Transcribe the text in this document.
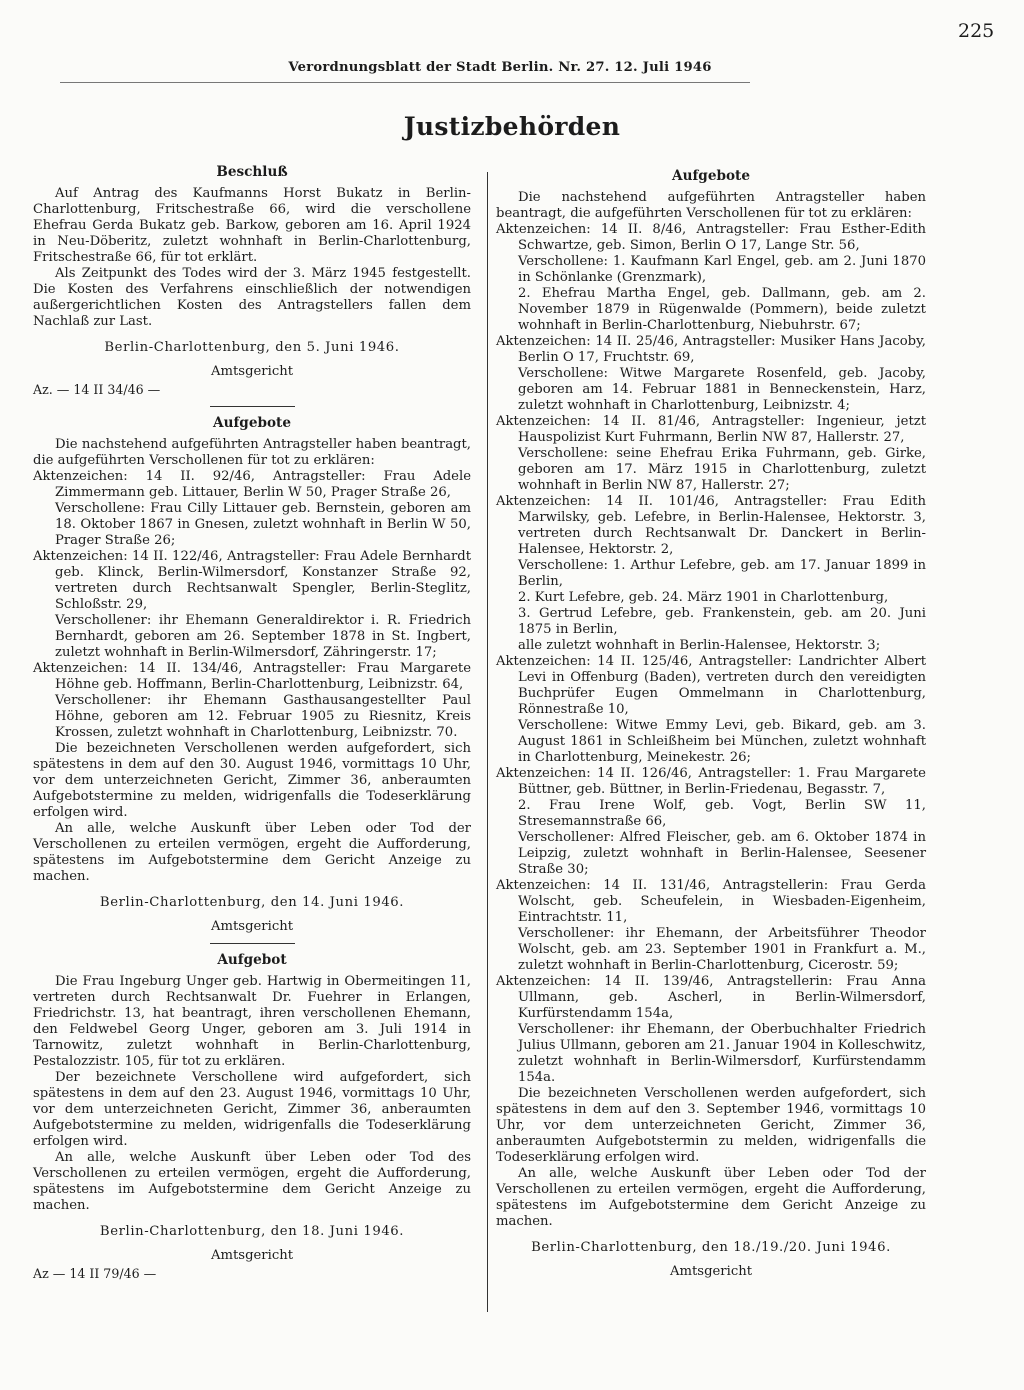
225
Verordnungsblatt der Stadt Berlin. Nr. 27. 12. Juli 1946
Justizbehörden

Beschluß

Auf Antrag des Kaufmanns Horst Bukatz in Berlin-Charlottenburg, Fritschestraße 66, wird die verschollene Ehefrau Gerda Bukatz geb. Barkow, geboren am 16. April 1924 in Neu-Döberitz, zuletzt wohnhaft in Berlin-Charlottenburg, Fritschestraße 66, für tot erklärt.

Als Zeitpunkt des Todes wird der 3. März 1945 festgestellt. Die Kosten des Verfahrens einschließlich der notwendigen außergerichtlichen Kosten des Antragstellers fallen dem Nachlaß zur Last.

Berlin-Charlottenburg, den 5. Juni 1946.

Amtsgericht

Az. — 14 II 34/46 —

Aufgebote

Die nachstehend aufgeführten Antragsteller haben beantragt, die aufgeführten Verschollenen für tot zu erklären:

Aktenzeichen: 14 II. 92/46, Antragsteller: Frau Adele Zimmermann geb. Littauer, Berlin W 50, Prager Straße 26,

Verschollene: Frau Cilly Littauer geb. Bernstein, geboren am 18. Oktober 1867 in Gnesen, zuletzt wohnhaft in Berlin W 50, Prager Straße 26;

Aktenzeichen: 14 II. 122/46, Antragsteller: Frau Adele Bernhardt geb. Klinck, Berlin-Wilmersdorf, Konstanzer Straße 92, vertreten durch Rechtsanwalt Spengler, Berlin-Steglitz, Schloßstr. 29,

Verschollener: ihr Ehemann Generaldirektor i. R. Friedrich Bernhardt, geboren am 26. September 1878 in St. Ingbert, zuletzt wohnhaft in Berlin-Wilmersdorf, Zähringerstr. 17;

Aktenzeichen: 14 II. 134/46, Antragsteller: Frau Margarete Höhne geb. Hoffmann, Berlin-Charlottenburg, Leibnizstr. 64,

Verschollener: ihr Ehemann Gasthausangestellter Paul Höhne, geboren am 12. Februar 1905 zu Riesnitz, Kreis Krossen, zuletzt wohnhaft in Charlottenburg, Leibnizstr. 70.

Die bezeichneten Verschollenen werden aufgefordert, sich spätestens in dem auf den 30. August 1946, vormittags 10 Uhr, vor dem unterzeichneten Gericht, Zimmer 36, anberaumten Aufgebotstermine zu melden, widrigenfalls die Todeserklärung erfolgen wird.

An alle, welche Auskunft über Leben oder Tod der Verschollenen zu erteilen vermögen, ergeht die Aufforderung, spätestens im Aufgebotstermine dem Gericht Anzeige zu machen.

Berlin-Charlottenburg, den 14. Juni 1946.

Amtsgericht

Aufgebot

Die Frau Ingeburg Unger geb. Hartwig in Obermeitingen 11, vertreten durch Rechtsanwalt Dr. Fuehrer in Erlangen, Friedrichstr. 13, hat beantragt, ihren verschollenen Ehemann, den Feldwebel Georg Unger, geboren am 3. Juli 1914 in Tarnowitz, zuletzt wohnhaft in Berlin-Charlottenburg, Pestalozzistr. 105, für tot zu erklären.

Der bezeichnete Verschollene wird aufgefordert, sich spätestens in dem auf den 23. August 1946, vormittags 10 Uhr, vor dem unterzeichneten Gericht, Zimmer 36, anberaumten Aufgebotstermine zu melden, widrigenfalls die Todeserklärung erfolgen wird.

An alle, welche Auskunft über Leben oder Tod des Verschollenen zu erteilen vermögen, ergeht die Aufforderung, spätestens im Aufgebotstermine dem Gericht Anzeige zu machen.

Berlin-Charlottenburg, den 18. Juni 1946.

Amtsgericht

Az — 14 II 79/46 —

Aufgebote

Die nachstehend aufgeführten Antragsteller haben beantragt, die aufgeführten Verschollenen für tot zu erklären:

Aktenzeichen: 14 II. 8/46, Antragsteller: Frau Esther-Edith Schwartze, geb. Simon, Berlin O 17, Lange Str. 56,

Verschollene: 1. Kaufmann Karl Engel, geb. am 2. Juni 1870 in Schönlanke (Grenzmark),

2. Ehefrau Martha Engel, geb. Dallmann, geb. am 2. November 1879 in Rügenwalde (Pommern), beide zuletzt wohnhaft in Berlin-Charlottenburg, Niebuhrstr. 67;

Aktenzeichen: 14 II. 25/46, Antragsteller: Musiker Hans Jacoby, Berlin O 17, Fruchtstr. 69,

Verschollene: Witwe Margarete Rosenfeld, geb. Jacoby, geboren am 14. Februar 1881 in Benneckenstein, Harz, zuletzt wohnhaft in Charlottenburg, Leibnizstr. 4;

Aktenzeichen: 14 II. 81/46, Antragsteller: Ingenieur, jetzt Hauspolizist Kurt Fuhrmann, Berlin NW 87, Hallerstr. 27,

Verschollene: seine Ehefrau Erika Fuhrmann, geb. Girke, geboren am 17. März 1915 in Charlottenburg, zuletzt wohnhaft in Berlin NW 87, Hallerstr. 27;

Aktenzeichen: 14 II. 101/46, Antragsteller: Frau Edith Marwilsky, geb. Lefebre, in Berlin-Halensee, Hektorstr. 3, vertreten durch Rechtsanwalt Dr. Danckert in Berlin-Halensee, Hektorstr. 2,

Verschollene: 1. Arthur Lefebre, geb. am 17. Januar 1899 in Berlin,

2. Kurt Lefebre, geb. 24. März 1901 in Charlottenburg,

3. Gertrud Lefebre, geb. Frankenstein, geb. am 20. Juni 1875 in Berlin,

alle zuletzt wohnhaft in Berlin-Halensee, Hektorstr. 3;

Aktenzeichen: 14 II. 125/46, Antragsteller: Landrichter Albert Levi in Offenburg (Baden), vertreten durch den vereidigten Buchprüfer Eugen Ommelmann in Charlottenburg, Rönnestraße 10,

Verschollene: Witwe Emmy Levi, geb. Bikard, geb. am 3. August 1861 in Schleißheim bei München, zuletzt wohnhaft in Charlottenburg, Meinekestr. 26;

Aktenzeichen: 14 II. 126/46, Antragsteller: 1. Frau Margarete Büttner, geb. Büttner, in Berlin-Friedenau, Begasstr. 7,

2. Frau Irene Wolf, geb. Vogt, Berlin SW 11, Stresemannstraße 66,

Verschollener: Alfred Fleischer, geb. am 6. Oktober 1874 in Leipzig, zuletzt wohnhaft in Berlin-Halensee, Seesener Straße 30;

Aktenzeichen: 14 II. 131/46, Antragstellerin: Frau Gerda Wolscht, geb. Scheufelein, in Wiesbaden-Eigenheim, Eintrachtstr. 11,

Verschollener: ihr Ehemann, der Arbeitsführer Theodor Wolscht, geb. am 23. September 1901 in Frankfurt a. M., zuletzt wohnhaft in Berlin-Charlottenburg, Cicerostr. 59;

Aktenzeichen: 14 II. 139/46, Antragstellerin: Frau Anna Ullmann, geb. Ascherl, in Berlin-Wilmersdorf, Kurfürstendamm 154a,

Verschollener: ihr Ehemann, der Oberbuchhalter Friedrich Julius Ullmann, geboren am 21. Januar 1904 in Kolleschwitz, zuletzt wohnhaft in Berlin-Wilmersdorf, Kurfürstendamm 154a.

Die bezeichneten Verschollenen werden aufgefordert, sich spätestens in dem auf den 3. September 1946, vormittags 10 Uhr, vor dem unterzeichneten Gericht, Zimmer 36, anberaumten Aufgebotstermin zu melden, widrigenfalls die Todeserklärung erfolgen wird.

An alle, welche Auskunft über Leben oder Tod der Verschollenen zu erteilen vermögen, ergeht die Aufforderung, spätestens im Aufgebotstermine dem Gericht Anzeige zu machen.

Berlin-Charlottenburg, den 18./19./20. Juni 1946.

Amtsgericht
